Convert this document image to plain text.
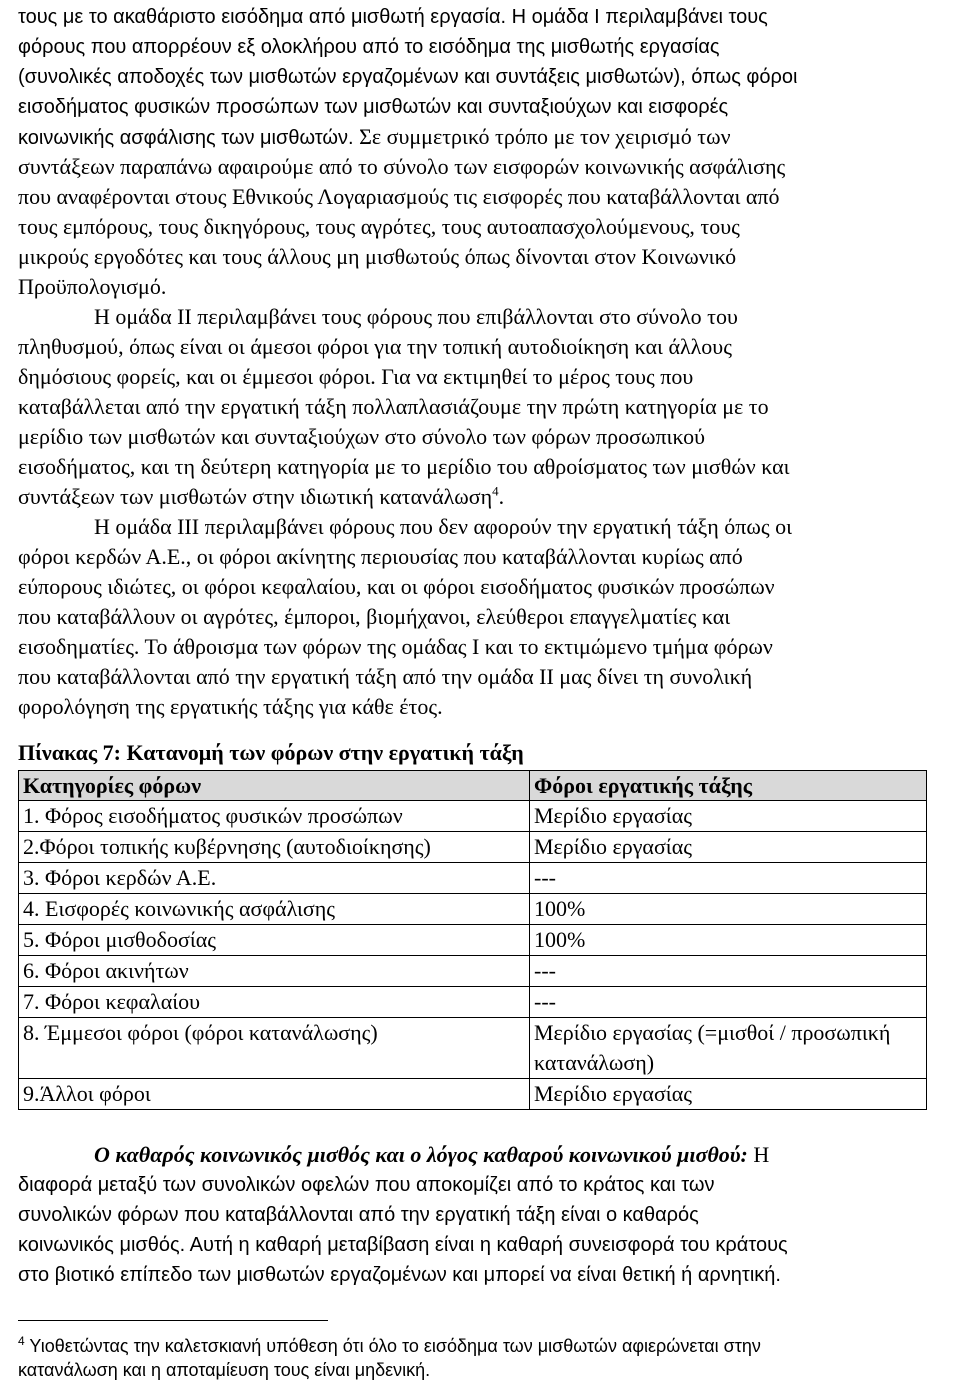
τους με το ακαθάριστο εισόδημα από μισθωτή εργασία. Η ομάδα Ι περιλαμβάνει τους
φόρους που απορρέουν εξ ολοκλήρου από το εισόδημα της μισθωτής εργασίας
(συνολικές αποδοχές των μισθωτών εργαζομένων και συντάξεις μισθωτών), όπως φόροι
εισοδήματος φυσικών προσώπων των μισθωτών και συνταξιούχων και εισφορές
κοινωνικής ασφάλισης των μισθωτών. Σε συμμετρικό τρόπο με τον χειρισμό των
συντάξεων παραπάνω αφαιρούμε από το σύνολο των εισφορών κοινωνικής ασφάλισης
που αναφέρονται στους Εθνικούς Λογαριασμούς τις εισφορές που καταβάλλονται από
τους εμπόρους, τους δικηγόρους, τους αγρότες, τους αυτοαπασχολούμενους, τους
μικρούς εργοδότες και τους άλλους μη μισθωτούς όπως δίνονται στον Κοινωνικό
Προϋπολογισμό.
Η ομάδα ΙΙ περιλαμβάνει τους φόρους που επιβάλλονται στο σύνολο του
πληθυσμού, όπως είναι οι άμεσοι φόροι για την τοπική αυτοδιοίκηση και άλλους
δημόσιους φορείς, και οι έμμεσοι φόροι. Για να εκτιμηθεί το μέρος τους που
καταβάλλεται από την εργατική τάξη πολλαπλασιάζουμε την πρώτη κατηγορία με το
μερίδιο των μισθωτών και συνταξιούχων στο σύνολο των φόρων προσωπικού
εισοδήματος, και τη δεύτερη κατηγορία με το μερίδιο του αθροίσματος των μισθών και
συντάξεων των μισθωτών στην ιδιωτική κατανάλωση$^4$.
Η ομάδα ΙΙΙ περιλαμβάνει φόρους που δεν αφορούν την εργατική τάξη όπως οι
φόροι κερδών Α.Ε., οι φόροι ακίνητης περιουσίας που καταβάλλονται κυρίως από
εύπορους ιδιώτες, οι φόροι κεφαλαίου, και οι φόροι εισοδήματος φυσικών προσώπων
που καταβάλλουν οι αγρότες, έμποροι, βιομήχανοι, ελεύθεροι επαγγελματίες και
εισοδηματίες. Το άθροισμα των φόρων της ομάδας Ι και το εκτιμώμενο τμήμα φόρων
που καταβάλλονται από την εργατική τάξη από την ομάδα ΙΙ μας δίνει τη συνολική
φορολόγηση της εργατικής τάξης για κάθε έτος.
Πίνακας 7: Κατανομή των φόρων στην εργατική τάξη
Κατηγορίες φόρων	Φόροι εργατικής τάξης
1. Φόρος εισοδήματος φυσικών προσώπων	Μερίδιο εργασίας
2.Φόροι τοπικής κυβέρνησης (αυτοδιοίκησης)	Μερίδιο εργασίας
3. Φόροι κερδών Α.Ε.	---
4. Εισφορές κοινωνικής ασφάλισης	100%
5. Φόροι μισθοδοσίας	100%
6. Φόροι ακινήτων	---
7. Φόροι κεφαλαίου	---
8. Έμμεσοι φόροι (φόροι κατανάλωσης)	Μερίδιο εργασίας (=μισθοί / προσωπική κατανάλωση)
9.Άλλοι φόροι	Μερίδιο εργασίας
Ο καθαρός κοινωνικός μισθός και ο λόγος καθαρού κοινωνικού μισθού: Η
διαφορά μεταξύ των συνολικών οφελών που αποκομίζει από το κράτος και των
συνολικών φόρων που καταβάλλονται από την εργατική τάξη είναι ο καθαρός
κοινωνικός μισθός. Αυτή η καθαρή μεταβίβαση είναι η καθαρή συνεισφορά του κράτους
στο βιοτικό επίπεδο των μισθωτών εργαζομένων και μπορεί να είναι θετική ή αρνητική.
$^4$ Υιοθετώντας την καλετσκιανή υπόθεση ότι όλο το εισόδημα των μισθωτών αφιερώνεται στην
κατανάλωση και η αποταμίευση τους είναι μηδενική.
